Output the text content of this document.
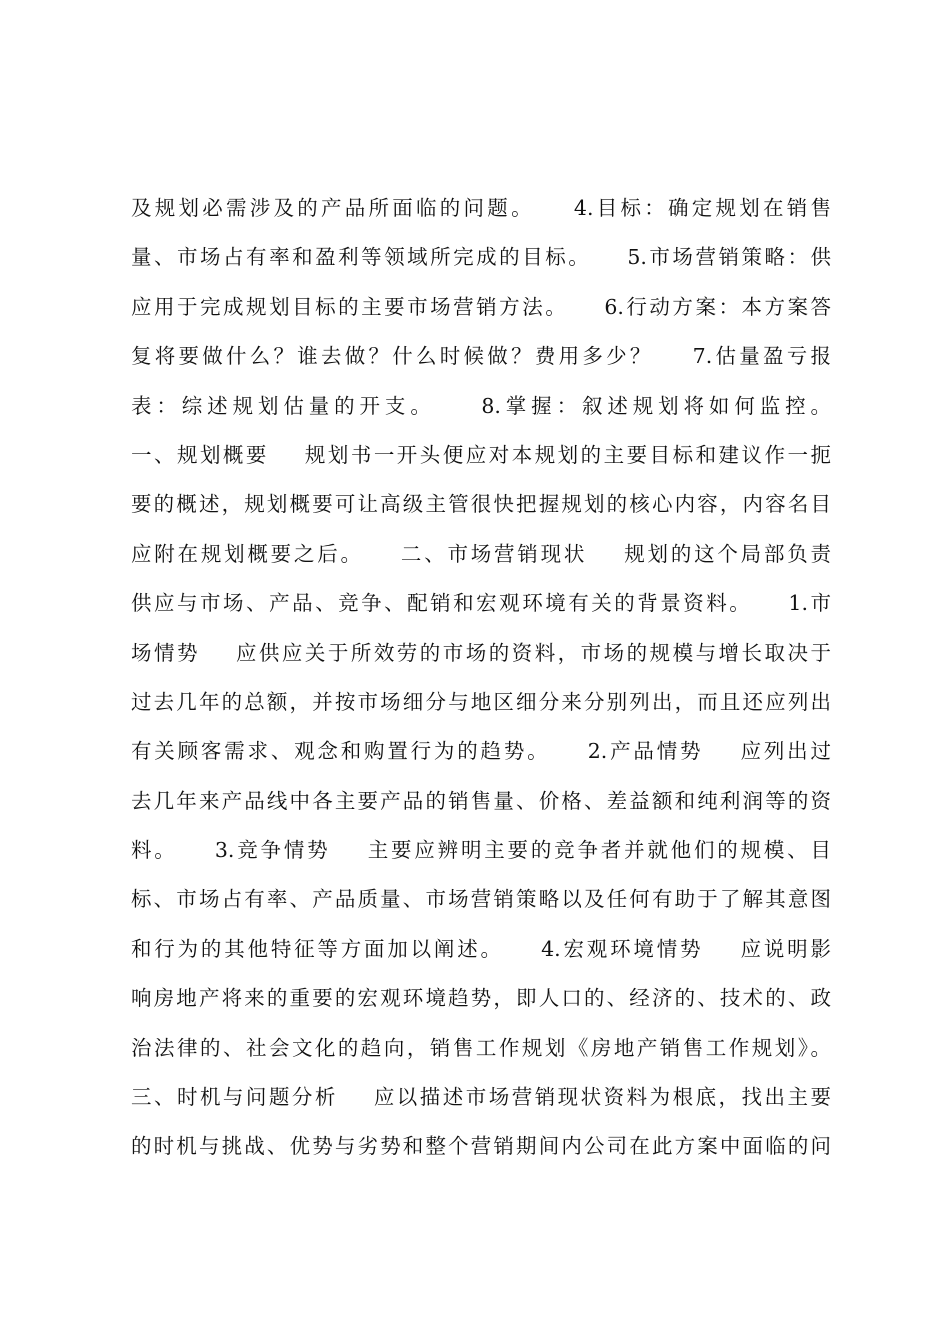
及规划必需涉及的产品所面临的问题。    4.目标：确定规划在销售
量、市场占有率和盈利等领域所完成的目标。    5.市场营销策略：供
应用于完成规划目标的主要市场营销方法。    6.行动方案：本方案答
复将要做什么？谁去做？什么时候做？费用多少？    7.估量盈亏报
表：综述规划估量的开支。    8.掌握：叙述规划将如何监控。
一、规划概要    规划书一开头便应对本规划的主要目标和建议作一扼
要的概述，规划概要可让高级主管很快把握规划的核心内容，内容名目
应附在规划概要之后。    二、市场营销现状    规划的这个局部负责
供应与市场、产品、竞争、配销和宏观环境有关的背景资料。    1.市
场情势    应供应关于所效劳的市场的资料，市场的规模与增长取决于
过去几年的总额，并按市场细分与地区细分来分别列出，而且还应列出
有关顾客需求、观念和购置行为的趋势。    2.产品情势    应列出过
去几年来产品线中各主要产品的销售量、价格、差益额和纯利润等的资
料。    3.竞争情势    主要应辨明主要的竞争者并就他们的规模、目
标、市场占有率、产品质量、市场营销策略以及任何有助于了解其意图
和行为的其他特征等方面加以阐述。    4.宏观环境情势    应说明影
响房地产将来的重要的宏观环境趋势，即人口的、经济的、技术的、政
治法律的、社会文化的趋向，销售工作规划《房地产销售工作规划》。
三、时机与问题分析    应以描述市场营销现状资料为根底，找出主要
的时机与挑战、优势与劣势和整个营销期间内公司在此方案中面临的问
